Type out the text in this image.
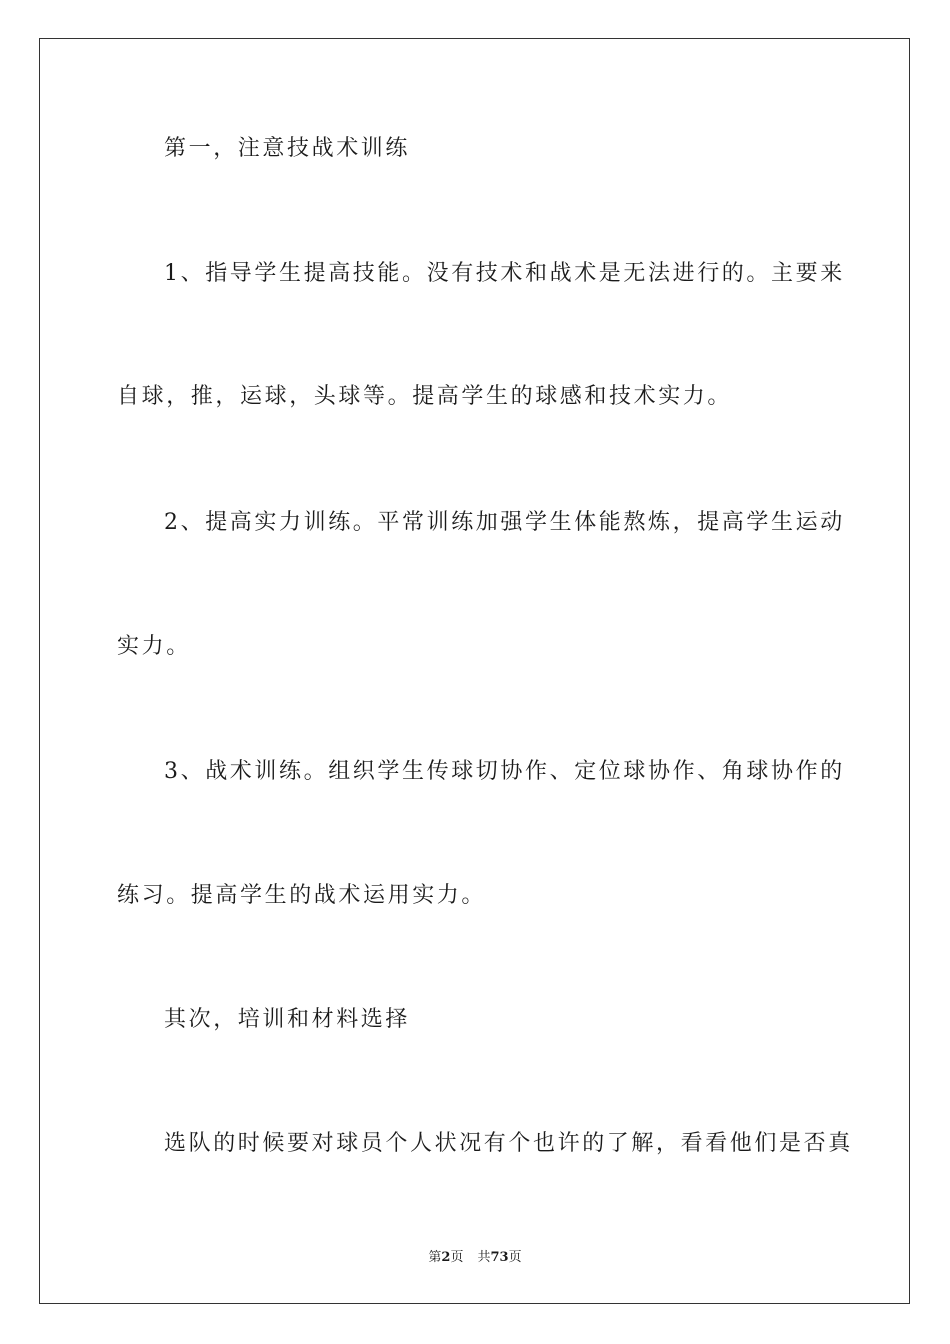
第一，注意技战术训练
1、指导学生提高技能。没有技术和战术是无法进行的。主要来
自球，推，运球，头球等。提高学生的球感和技术实力。
2、提高实力训练。平常训练加强学生体能熬炼，提高学生运动
实力。
3、战术训练。组织学生传球切协作、定位球协作、角球协作的
练习。提高学生的战术运用实力。
其次，培训和材料选择
选队的时候要对球员个人状况有个也许的了解，看看他们是否真
第2页 共73页
